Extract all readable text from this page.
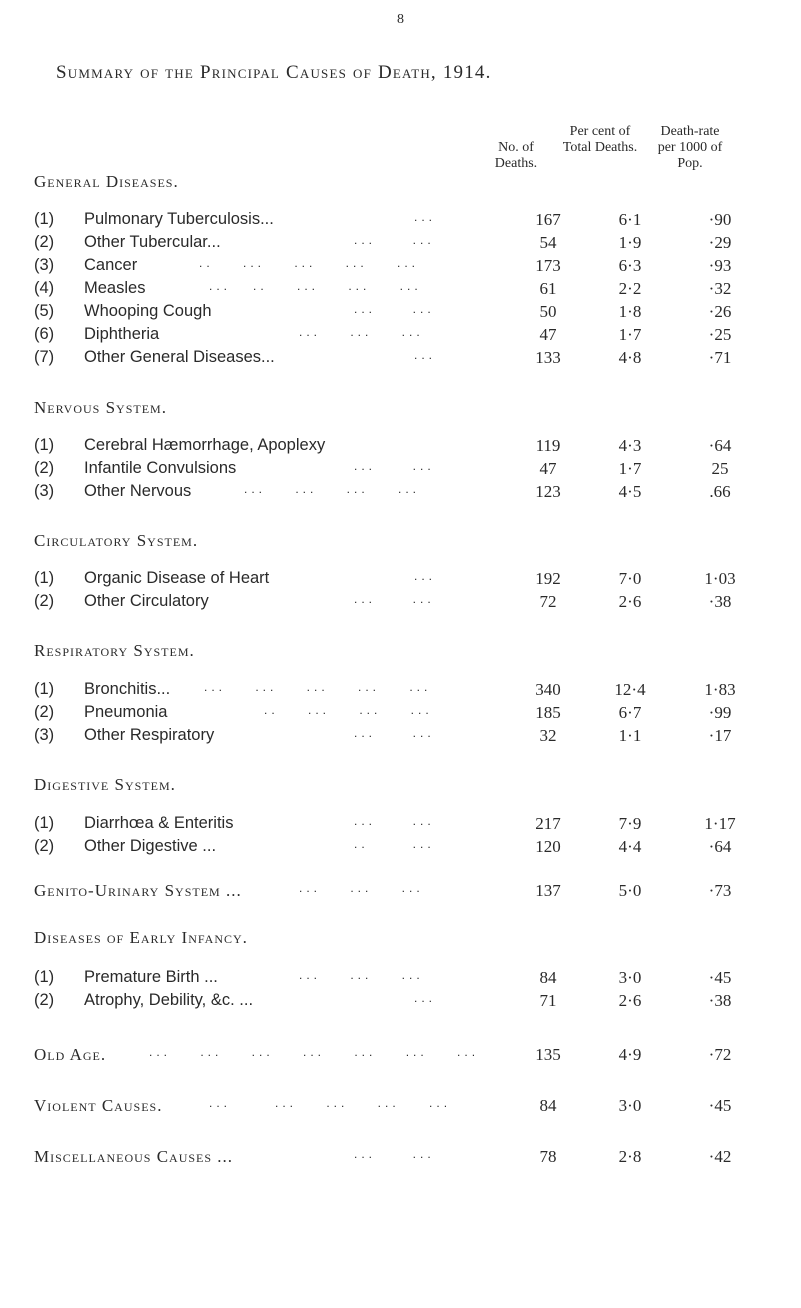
8
Summary of the Principal Causes of Death, 1914.
No. of Deaths.
Per cent of Total Deaths.
Death-rate per 1000 of Pop.
General Diseases.
(1)	Pulmonary Tuberculosis...	...	167	6·1	·90
(2)	Other Tubercular...	...     ...	54	1·9	·29
(3)	Cancer	..    ...    ...    ...    ...	173	6·3	·93
(4)	Measles	...   ..    ...    ...    ...	61	2·2	·32
(5)	Whooping Cough	...     ...	50	1·8	·26
(6)	Diphtheria	...    ...    ...	47	1·7	·25
(7)	Other General Diseases...	...	133	4·8	·71
Nervous System.
(1)	Cerebral Hæmorrhage, Apoplexy	119	4·3	·64
(2)	Infantile Convulsions	...     ...	47	1·7	25
(3)	Other Nervous	...    ...    ...    ...	123	4·5	.66
Circulatory System.
(1)	Organic Disease of Heart	...	192	7·0	1·03
(2)	Other Circulatory	...     ...	72	2·6	·38
Respiratory System.
(1)	Bronchitis...	...    ...    ...    ...    ...	340	12·4	1·83
(2)	Pneumonia	..    ...    ...    ...	185	6·7	·99
(3)	Other Respiratory	...     ...	32	1·1	·17
Digestive System.
(1)	Diarrhœa & Enteritis	...     ...	217	7·9	1·17
(2)	Other Digestive ...	..      ...	120	4·4	·64
Genito-Urinary System ...	...    ...    ...	137	5·0	·73
Diseases of Early Infancy.
(1)	Premature Birth ...	...    ...    ...	84	3·0	·45
(2)	Atrophy, Debility, &c. ...	...	71	2·6	·38
Old Age.	...    ...    ...    ...    ...    ...    ...	135	4·9	·72
Violent Causes.	...      ...    ...    ...    ...	84	3·0	·45
Miscellaneous Causes ...	...     ...	78	2·8	·42
